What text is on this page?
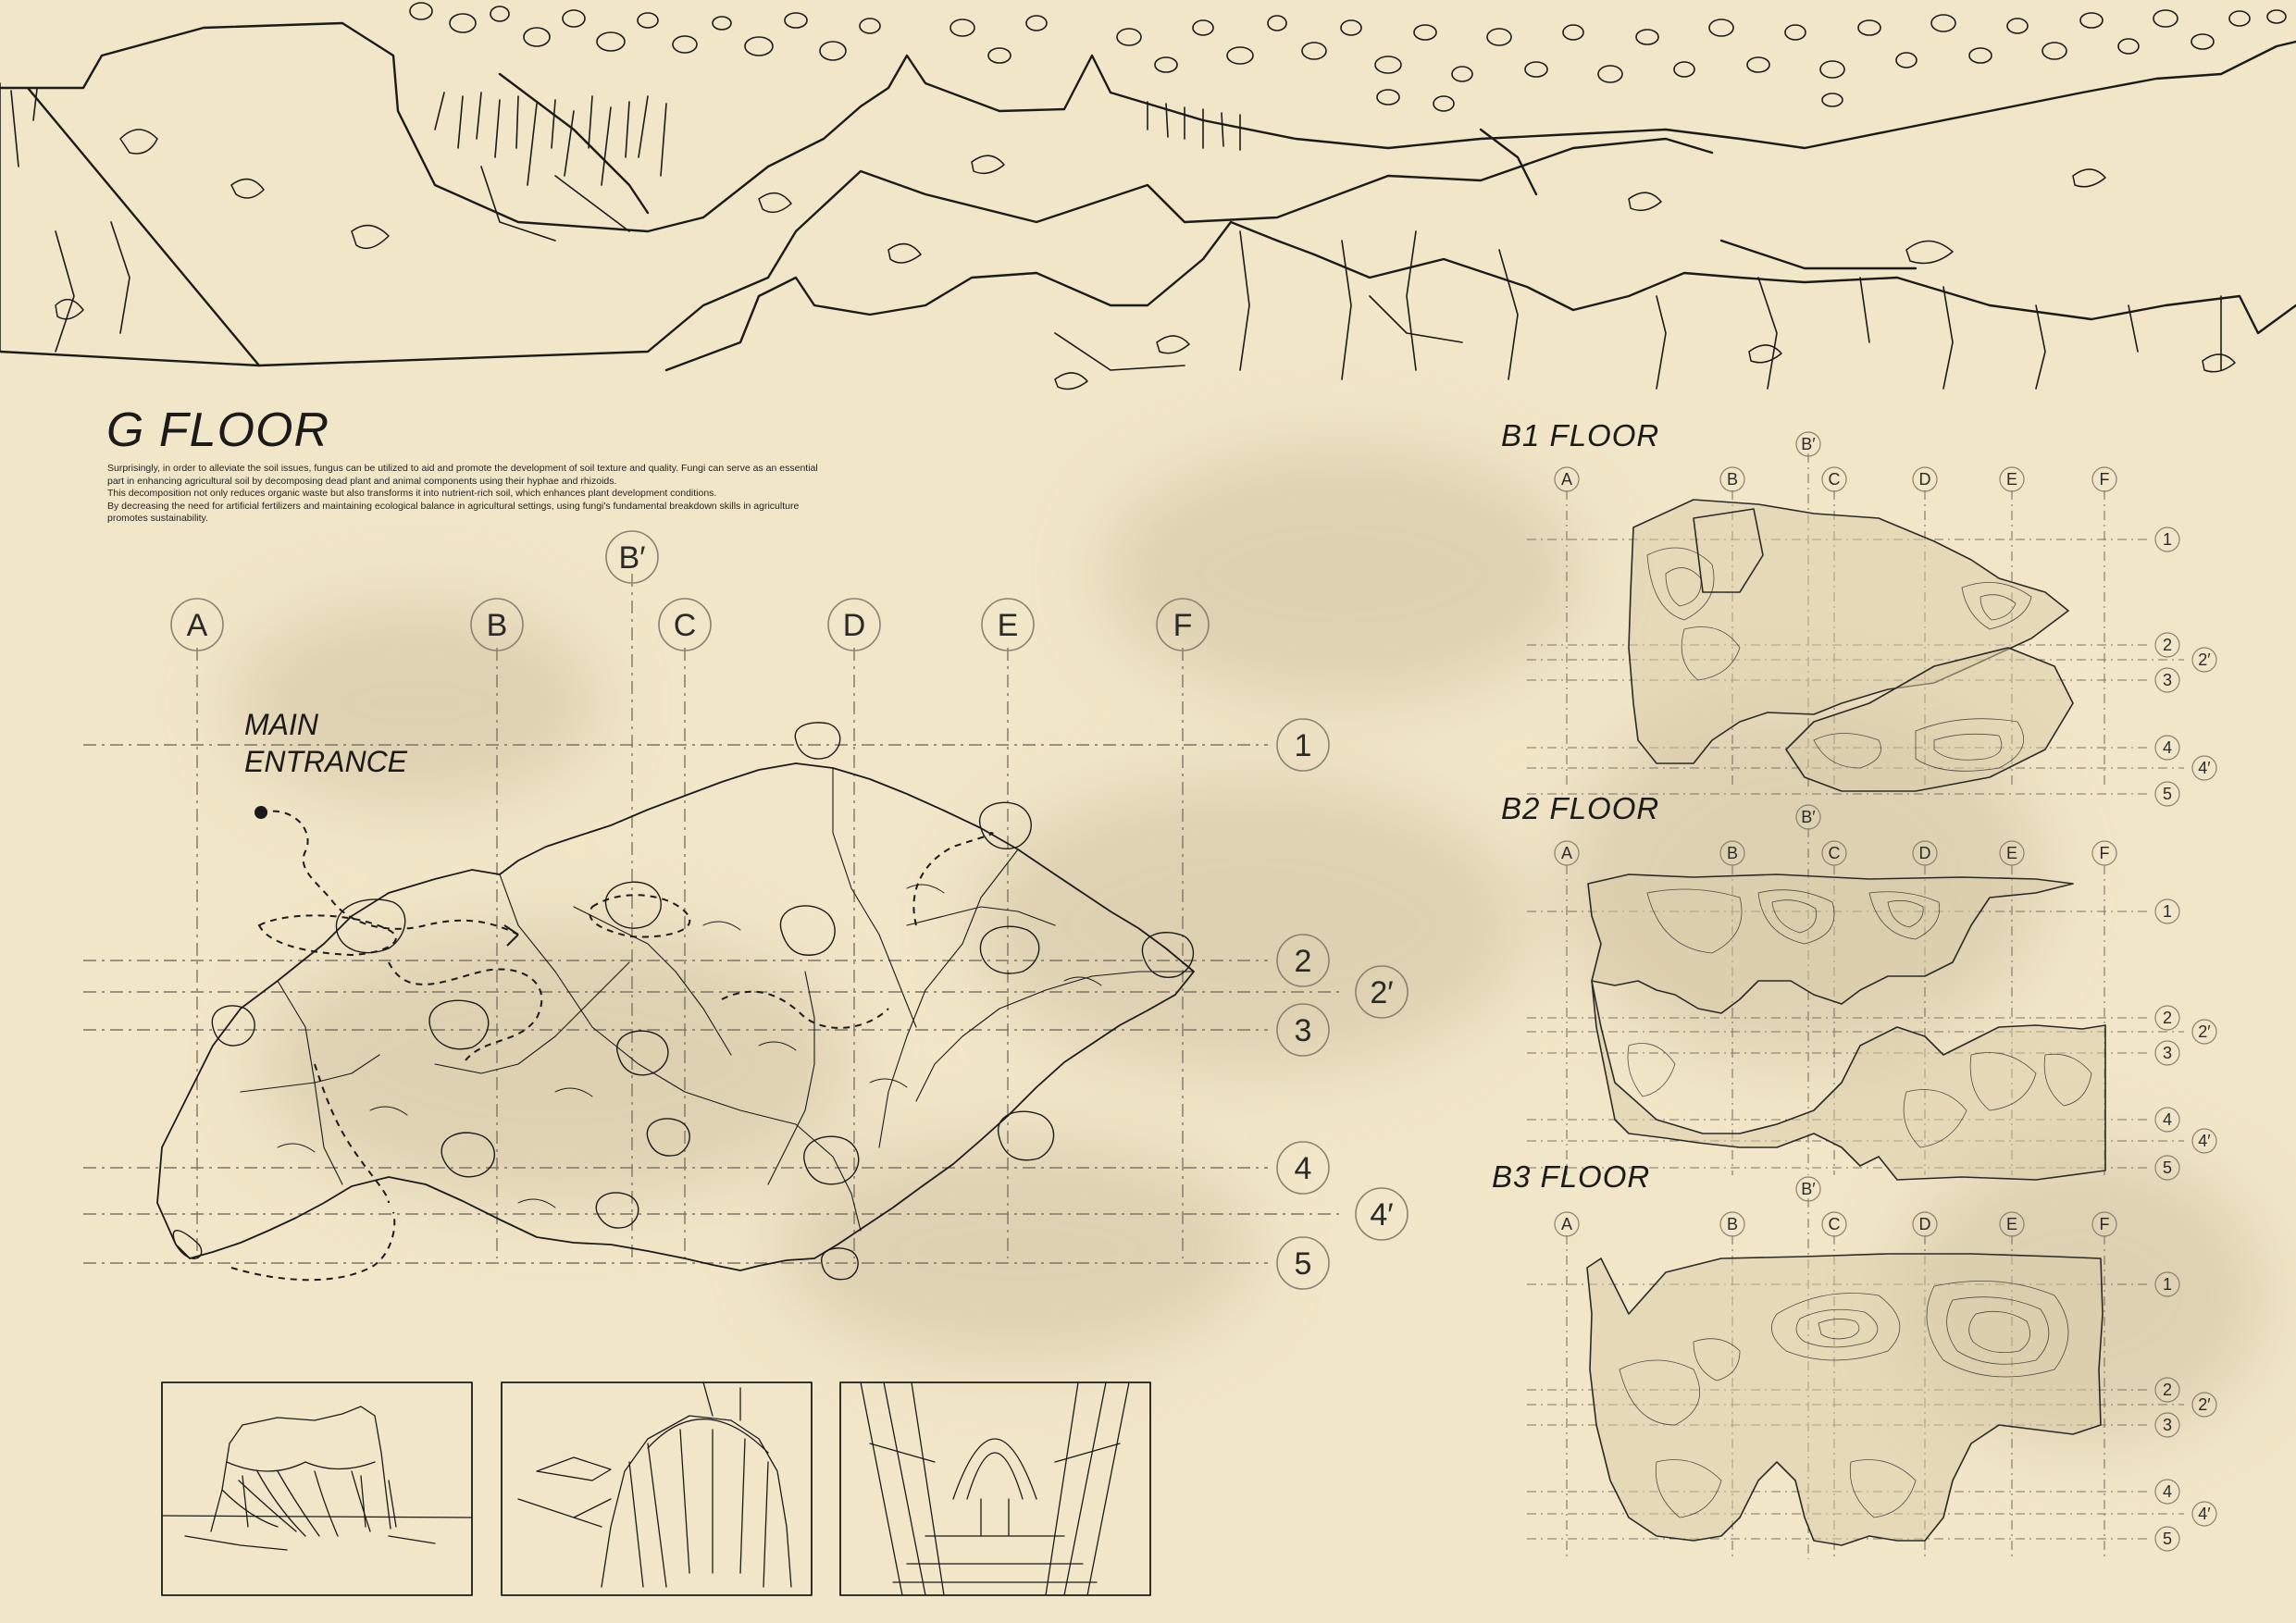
A	B
B′
C	D	E	F
1
2
2′
3
4
4′
5
A	B
B′
C	D	E	F
1
2
2′
3
4
4′
5
A	B
B′
C	D	E	F
1
2
2′
3
4
4′
5
A	B
B′
C	D	E	F
1
2
2′
3
4
4′
5
G FLOOR
Surprisingly, in order to alleviate the soil issues, fungus can be utilized to aid and promote the development of soil texture and quality. Fungi can serve as an essential
part in enhancing agricultural soil by decomposing dead plant and animal components using their hyphae and rhizoids.
This decomposition not only reduces organic waste but also transforms it into nutrient-rich soil, which enhances plant development conditions.
By decreasing the need for artificial fertilizers and maintaining ecological balance in agricultural settings, using fungi's fundamental breakdown skills in agriculture
promotes sustainability.
MAIN
ENTRANCE
B1 FLOOR
B2 FLOOR
B3 FLOOR
